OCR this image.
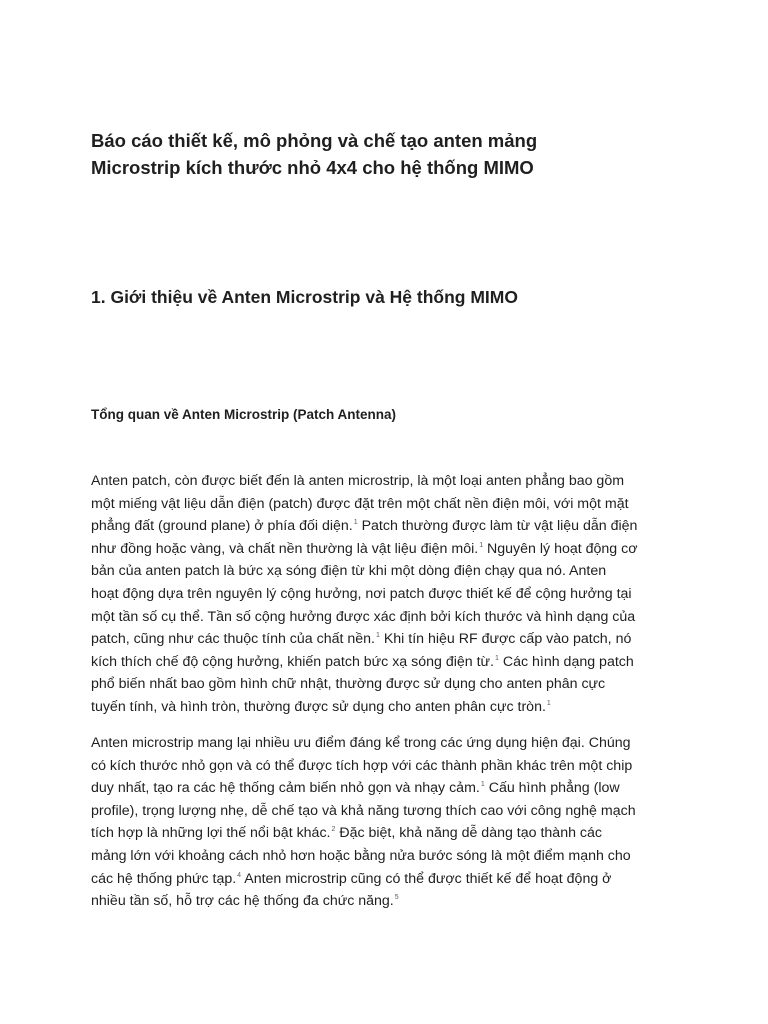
Báo cáo thiết kế, mô phỏng và chế tạo anten mảng
Microstrip kích thước nhỏ 4x4 cho hệ thống MIMO
1. Giới thiệu về Anten Microstrip và Hệ thống MIMO
Tổng quan về Anten Microstrip (Patch Antenna)

Anten patch, còn được biết đến là anten microstrip, là một loại anten phẳng bao gồm
một miếng vật liệu dẫn điện (patch) được đặt trên một chất nền điện môi, với một mặt
phẳng đất (ground plane) ở phía đối diện.$^1$ Patch thường được làm từ vật liệu dẫn điện
như đồng hoặc vàng, và chất nền thường là vật liệu điện môi.$^1$ Nguyên lý hoạt động cơ
bản của anten patch là bức xạ sóng điện từ khi một dòng điện chạy qua nó. Anten
hoạt động dựa trên nguyên lý cộng hưởng, nơi patch được thiết kế để cộng hưởng tại
một tần số cụ thể. Tần số cộng hưởng được xác định bởi kích thước và hình dạng của
patch, cũng như các thuộc tính của chất nền.$^1$ Khi tín hiệu RF được cấp vào patch, nó
kích thích chế độ cộng hưởng, khiến patch bức xạ sóng điện từ.$^1$ Các hình dạng patch
phổ biến nhất bao gồm hình chữ nhật, thường được sử dụng cho anten phân cực
tuyến tính, và hình tròn, thường được sử dụng cho anten phân cực tròn.$^1$

Anten microstrip mang lại nhiều ưu điểm đáng kể trong các ứng dụng hiện đại. Chúng
có kích thước nhỏ gọn và có thể được tích hợp với các thành phần khác trên một chip
duy nhất, tạo ra các hệ thống cảm biến nhỏ gọn và nhạy cảm.$^1$ Cấu hình phẳng (low
profile), trọng lượng nhẹ, dễ chế tạo và khả năng tương thích cao với công nghệ mạch
tích hợp là những lợi thế nổi bật khác.$^2$ Đặc biệt, khả năng dễ dàng tạo thành các
mảng lớn với khoảng cách nhỏ hơn hoặc bằng nửa bước sóng là một điểm mạnh cho
các hệ thống phức tạp.$^4$ Anten microstrip cũng có thể được thiết kế để hoạt động ở
nhiều tần số, hỗ trợ các hệ thống đa chức năng.$^5$
